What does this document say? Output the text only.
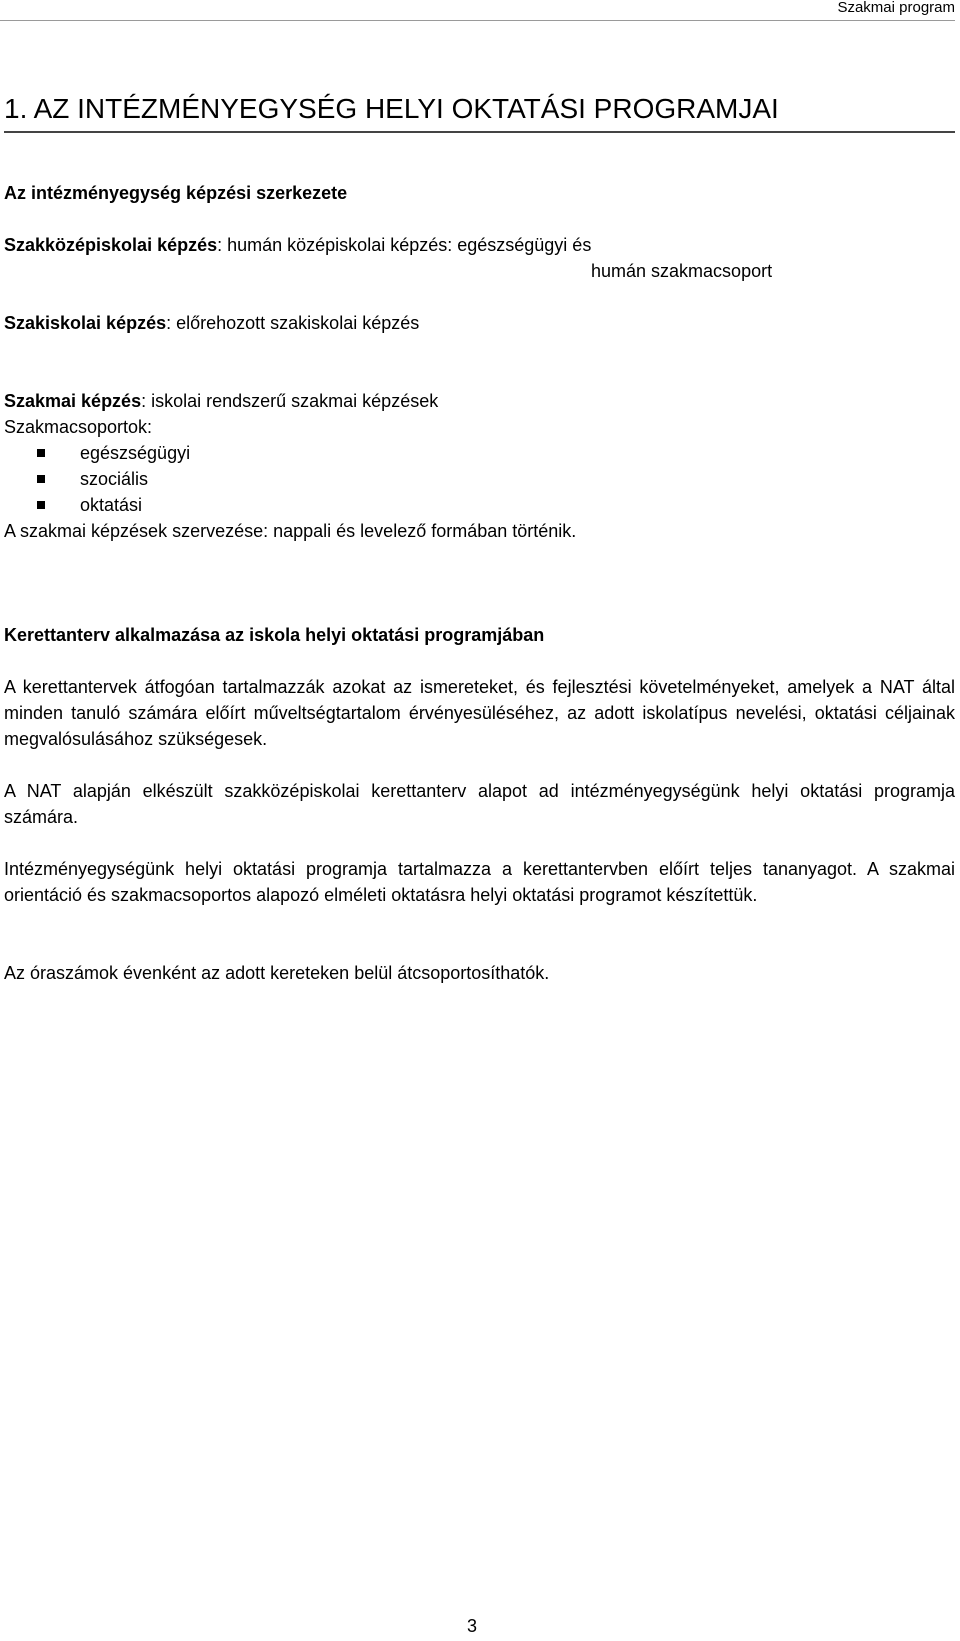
Szakmai program
1. AZ INTÉZMÉNYEGYSÉG HELYI OKTATÁSI PROGRAMJAI
Az intézményegység képzési szerkezete
Szakközépiskolai képzés: humán középiskolai képzés: egészségügyi és
humán szakmacsoport
Szakiskolai képzés: előrehozott szakiskolai képzés
Szakmai képzés: iskolai rendszerű szakmai képzések
Szakmacsoportok:
egészségügyi
szociális
oktatási
A szakmai képzések szervezése: nappali és levelező formában történik.
Kerettanterv alkalmazása az iskola helyi oktatási programjában
A kerettantervek átfogóan tartalmazzák azokat az ismereteket, és fejlesztési követelményeket, amelyek a NAT által minden tanuló számára előírt műveltségtartalom érvényesüléséhez, az adott iskolatípus nevelési, oktatási céljainak megvalósulásához szükségesek.
A NAT alapján elkészült szakközépiskolai kerettanterv alapot ad intézményegységünk helyi oktatási programja számára.
Intézményegységünk helyi oktatási programja tartalmazza a kerettantervben előírt teljes tananyagot. A szakmai orientáció és szakmacsoportos alapozó elméleti oktatásra helyi oktatási programot készítettük.
Az óraszámok évenként az adott kereteken belül átcsoportosíthatók.
3
